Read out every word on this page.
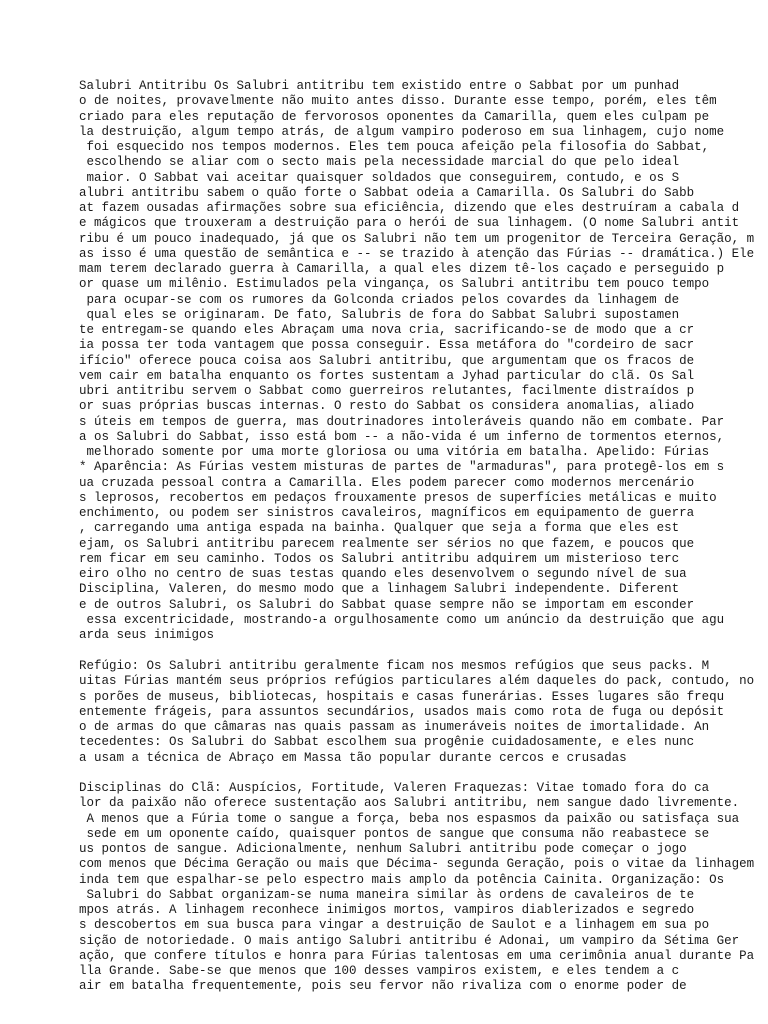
Salubri Antitribu Os Salubri antitribu tem existido entre o Sabbat por um punhad
o de noites, provavelmente não muito antes disso. Durante esse tempo, porém, eles têm
criado para eles reputação de fervorosos oponentes da Camarilla, quem eles culpam pe
la destruição, algum tempo atrás, de algum vampiro poderoso em sua linhagem, cujo nome
foi esquecido nos tempos modernos. Eles tem pouca afeição pela filosofia do Sabbat,
escolhendo se aliar com o secto mais pela necessidade marcial do que pelo ideal
maior. O Sabbat vai aceitar quaisquer soldados que conseguirem, contudo, e os S
alubri antitribu sabem o quão forte o Sabbat odeia a Camarilla. Os Salubri do Sabb
at fazem ousadas afirmações sobre sua eficiência, dizendo que eles destruíram a cabala d
e mágicos que trouxeram a destruição para o herói de sua linhagem. (O nome Salubri antit
ribu é um pouco inadequado, já que os Salubri não tem um progenitor de Terceira Geração, m
as isso é uma questão de semântica e -- se trazido à atenção das Fúrias -- dramática.) Ele
mam terem declarado guerra à Camarilla, a qual eles dizem tê-los caçado e perseguido p
or quase um milênio. Estimulados pela vingança, os Salubri antitribu tem pouco tempo
para ocupar-se com os rumores da Golconda criados pelos covardes da linhagem de
qual eles se originaram. De fato, Salubris de fora do Sabbat Salubri supostamen
te entregam-se quando eles Abraçam uma nova cria, sacrificando-se de modo que a cr
ia possa ter toda vantagem que possa conseguir. Essa metáfora do "cordeiro de sacr
ifício" oferece pouca coisa aos Salubri antitribu, que argumentam que os fracos de
vem cair em batalha enquanto os fortes sustentam a Jyhad particular do clã. Os Sal
ubri antitribu servem o Sabbat como guerreiros relutantes, facilmente distraídos p
or suas próprias buscas internas. O resto do Sabbat os considera anomalias, aliado
s úteis em tempos de guerra, mas doutrinadores intoleráveis quando não em combate. Par
a os Salubri do Sabbat, isso está bom -- a não-vida é um inferno de tormentos eternos,
melhorado somente por uma morte gloriosa ou uma vitória em batalha. Apelido: Fúrias
* Aparência: As Fúrias vestem misturas de partes de "armaduras", para protegê-los em s
ua cruzada pessoal contra a Camarilla. Eles podem parecer como modernos mercenário
s leprosos, recobertos em pedaços frouxamente presos de superfícies metálicas e muito
enchimento, ou podem ser sinistros cavaleiros, magníficos em equipamento de guerra
, carregando uma antiga espada na bainha. Qualquer que seja a forma que eles est
ejam, os Salubri antitribu parecem realmente ser sérios no que fazem, e poucos que
rem ficar em seu caminho. Todos os Salubri antitribu adquirem um misterioso terc
eiro olho no centro de suas testas quando eles desenvolvem o segundo nível de sua
Disciplina, Valeren, do mesmo modo que a linhagem Salubri independente. Diferent
e de outros Salubri, os Salubri do Sabbat quase sempre não se importam em esconder
essa excentricidade, mostrando-a orgulhosamente como um anúncio da destruição que agu
arda seus inimigos
Refúgio: Os Salubri antitribu geralmente ficam nos mesmos refúgios que seus packs. M
uitas Fúrias mantém seus próprios refúgios particulares além daqueles do pack, contudo, no
s porões de museus, bibliotecas, hospitais e casas funerárias. Esses lugares são frequ
entemente frágeis, para assuntos secundários, usados mais como rota de fuga ou depósit
o de armas do que câmaras nas quais passam as inumeráveis noites de imortalidade. An
tecedentes: Os Salubri do Sabbat escolhem sua progênie cuidadosamente, e eles nunc
a usam a técnica de Abraço em Massa tão popular durante cercos e crusadas
Disciplinas do Clã: Auspícios, Fortitude, Valeren Fraquezas: Vitae tomado fora do ca
lor da paixão não oferece sustentação aos Salubri antitribu, nem sangue dado livremente.
A menos que a Fúria tome o sangue a força, beba nos espasmos da paixão ou satisfaça sua
sede em um oponente caído, quaisquer pontos de sangue que consuma não reabastece se
us pontos de sangue. Adicionalmente, nenhum Salubri antitribu pode começar o jogo
com menos que Décima Geração ou mais que Décima- segunda Geração, pois o vitae da linhagem
inda tem que espalhar-se pelo espectro mais amplo da potência Cainita. Organização: Os
Salubri do Sabbat organizam-se numa maneira similar às ordens de cavaleiros de te
mpos atrás. A linhagem reconhece inimigos mortos, vampiros diablerizados e segredo
s descobertos em sua busca para vingar a destruição de Saulot e a linhagem em sua po
sição de notoriedade. O mais antigo Salubri antitribu é Adonai, um vampiro da Sétima Ger
ação, que confere títulos e honra para Fúrias talentosas em uma cerimônia anual durante Pa
lla Grande. Sabe-se que menos que 100 desses vampiros existem, e eles tendem a c
air em batalha frequentemente, pois seu fervor não rivaliza com o enorme poder de
